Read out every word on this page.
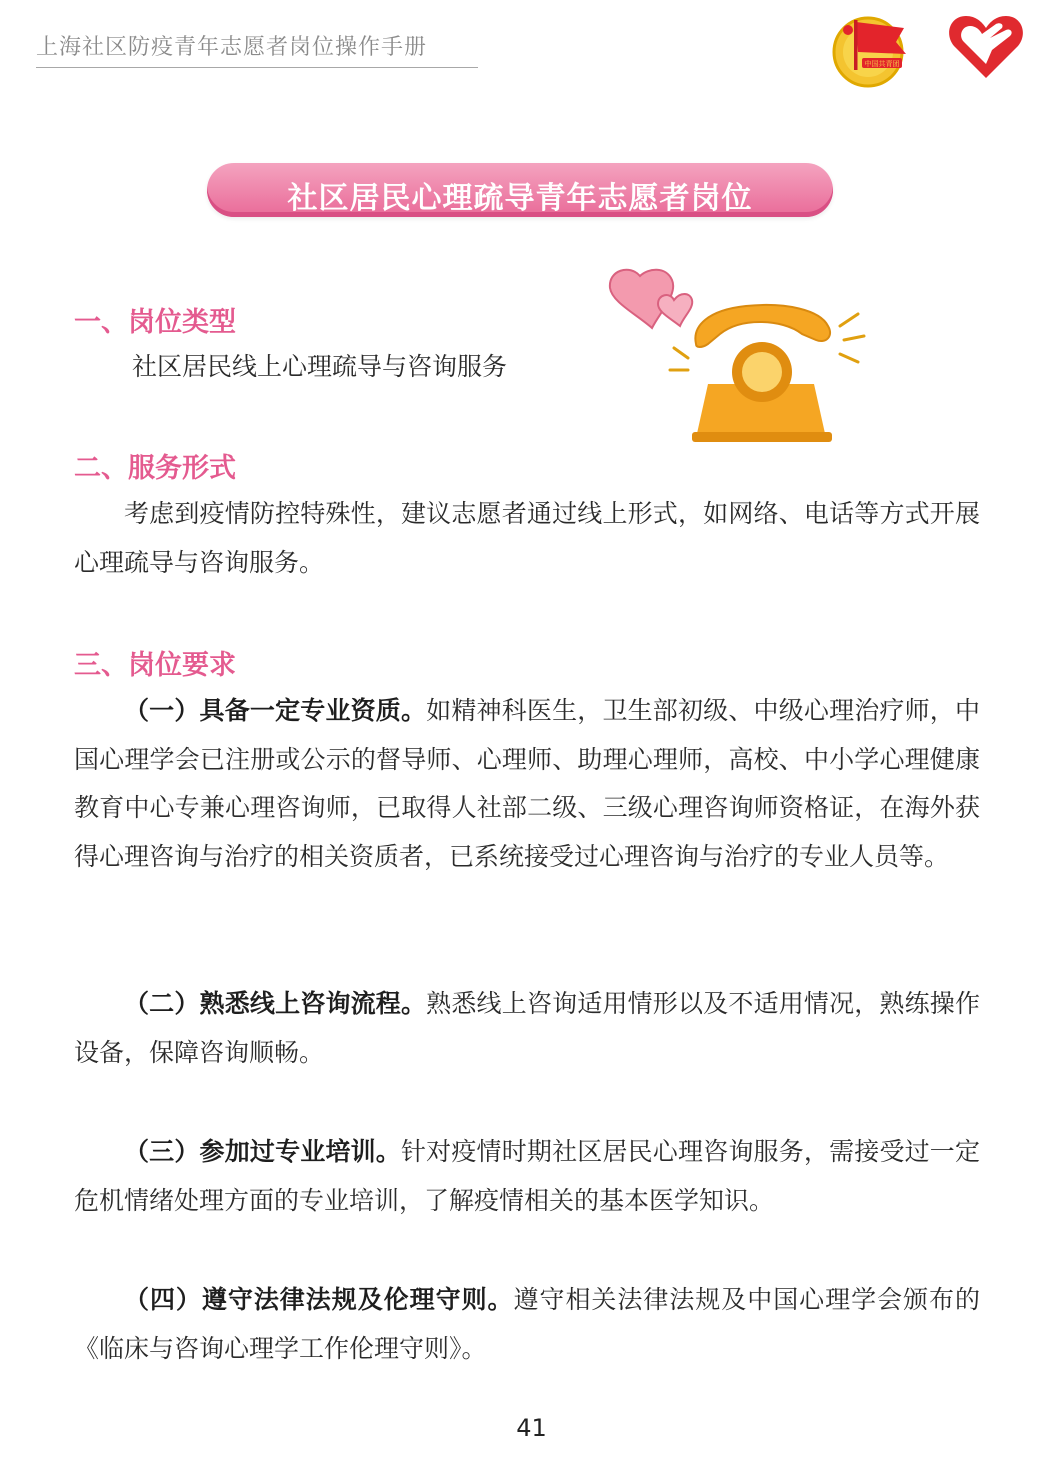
上海社区防疫青年志愿者岗位操作手册
中国共青团
社区居民心理疏导青年志愿者岗位
一、岗位类型
社区居民线上心理疏导与咨询服务
二、服务形式

考虑到疫情防控特殊性，建议志愿者通过线上形式，如网络、电话等方式开展心理疏导与咨询服务。

三、岗位要求

（一）具备一定专业资质。如精神科医生，卫生部初级、中级心理治疗师，中国心理学会已注册或公示的督导师、心理师、助理心理师，高校、中小学心理健康教育中心专兼心理咨询师，已取得人社部二级、三级心理咨询师资格证，在海外获得心理咨询与治疗的相关资质者，已系统接受过心理咨询与治疗的专业人员等。

（二）熟悉线上咨询流程。熟悉线上咨询适用情形以及不适用情况，熟练操作设备，保障咨询顺畅。

（三）参加过专业培训。针对疫情时期社区居民心理咨询服务，需接受过一定危机情绪处理方面的专业培训，了解疫情相关的基本医学知识。

（四）遵守法律法规及伦理守则。遵守相关法律法规及中国心理学会颁布的《临床与咨询心理学工作伦理守则》。

41
